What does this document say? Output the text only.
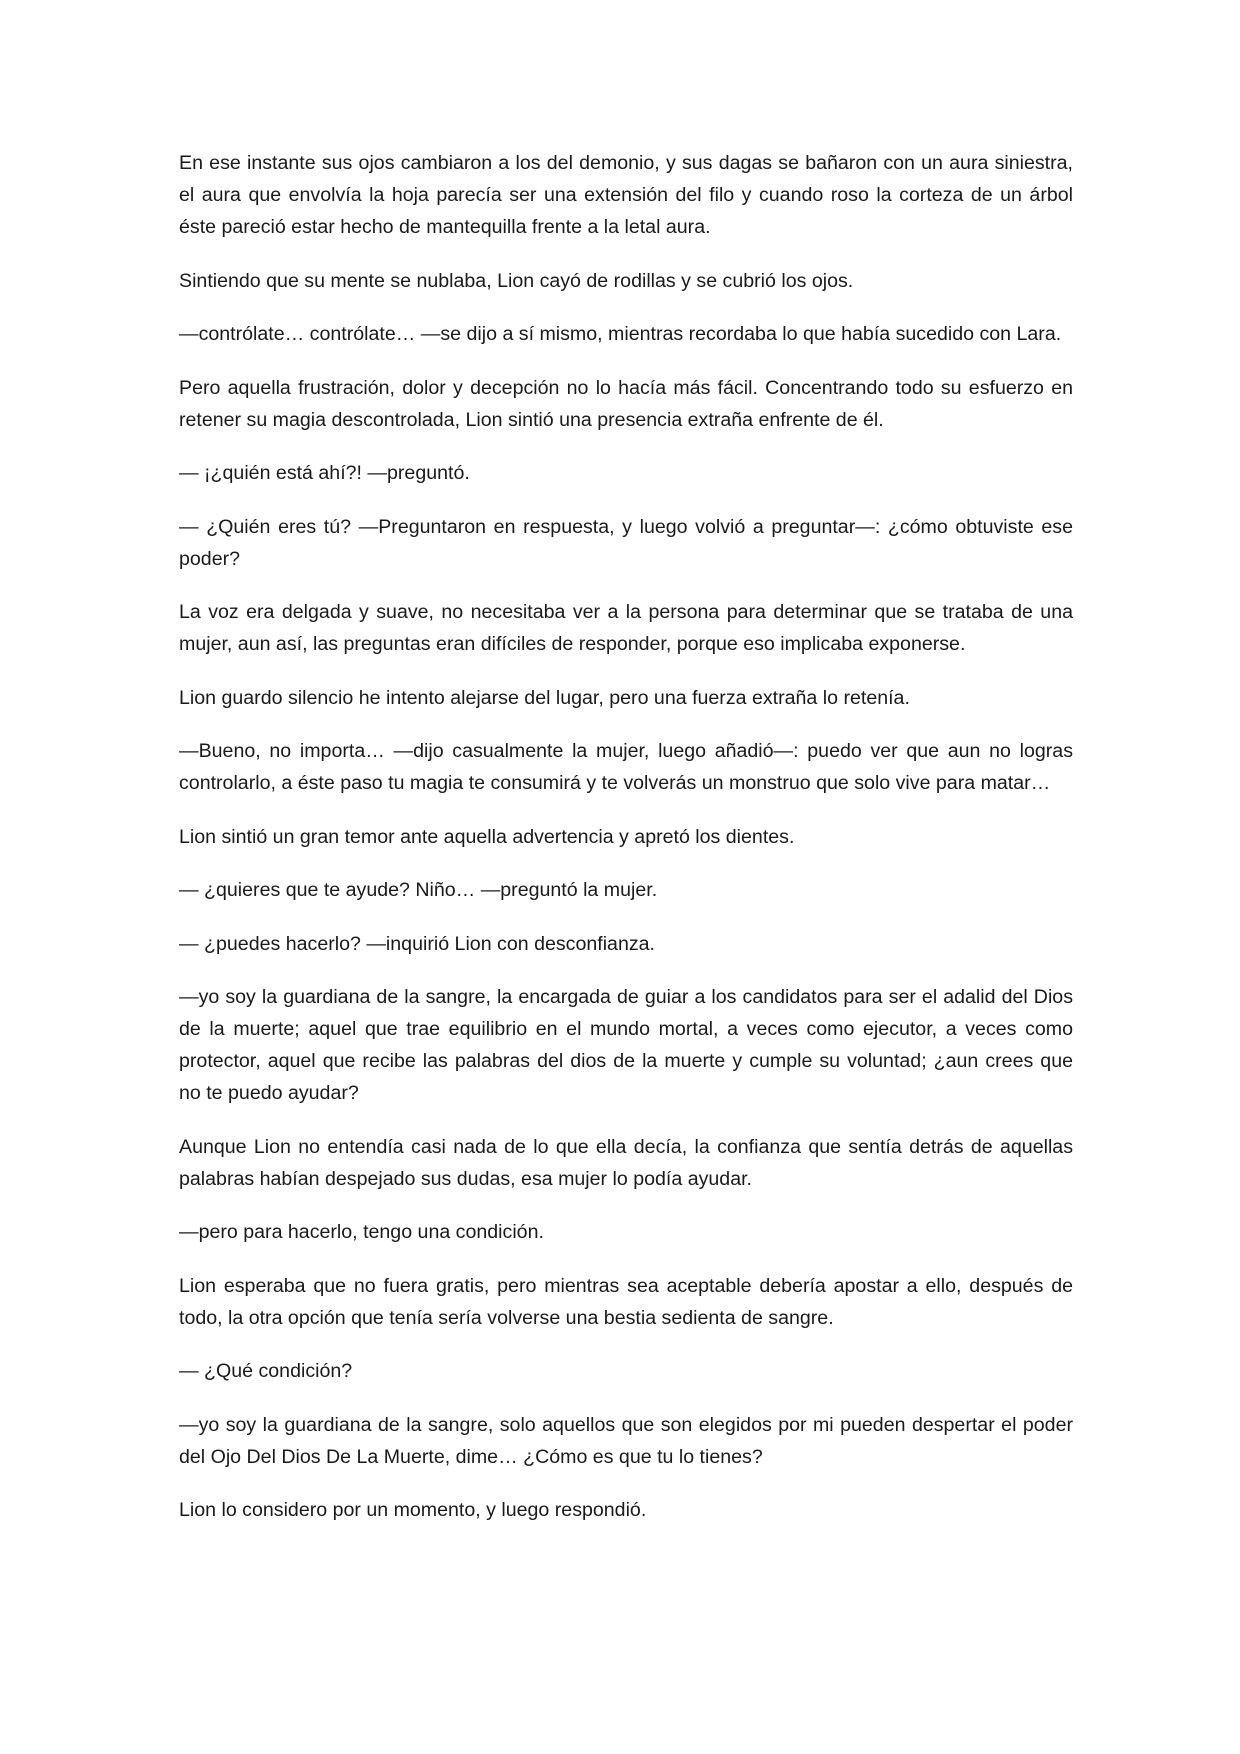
En ese instante sus ojos cambiaron a los del demonio, y sus dagas se bañaron con un aura siniestra, el aura que envolvía la hoja parecía ser una extensión del filo y cuando roso la corteza de un árbol éste pareció estar hecho de mantequilla frente a la letal aura.

Sintiendo que su mente se nublaba, Lion cayó de rodillas y se cubrió los ojos.

—contrólate… contrólate… —se dijo a sí mismo, mientras recordaba lo que había sucedido con Lara.

Pero aquella frustración, dolor y decepción no lo hacía más fácil. Concentrando todo su esfuerzo en retener su magia descontrolada, Lion sintió una presencia extraña enfrente de él.

— ¡¿quién está ahí?! —preguntó.

— ¿Quién eres tú? —Preguntaron en respuesta, y luego volvió a preguntar—: ¿cómo obtuviste ese poder?

La voz era delgada y suave, no necesitaba ver a la persona para determinar que se trataba de una mujer, aun así, las preguntas eran difíciles de responder, porque eso implicaba exponerse.

Lion guardo silencio he intento alejarse del lugar, pero una fuerza extraña lo retenía.

—Bueno, no importa… —dijo casualmente la mujer, luego añadió—: puedo ver que aun no logras controlarlo, a éste paso tu magia te consumirá y te volverás un monstruo que solo vive para matar…

Lion sintió un gran temor ante aquella advertencia y apretó los dientes.

— ¿quieres que te ayude? Niño… —preguntó la mujer.

— ¿puedes hacerlo? —inquirió Lion con desconfianza.

—yo soy la guardiana de la sangre, la encargada de guiar a los candidatos para ser el adalid del Dios de la muerte; aquel que trae equilibrio en el mundo mortal, a veces como ejecutor, a veces como protector, aquel que recibe las palabras del dios de la muerte y cumple su voluntad; ¿aun crees que no te puedo ayudar?

Aunque Lion no entendía casi nada de lo que ella decía, la confianza que sentía detrás de aquellas palabras habían despejado sus dudas, esa mujer lo podía ayudar.

—pero para hacerlo, tengo una condición.

Lion esperaba que no fuera gratis, pero mientras sea aceptable debería apostar a ello, después de todo, la otra opción que tenía sería volverse una bestia sedienta de sangre.

— ¿Qué condición?

—yo soy la guardiana de la sangre, solo aquellos que son elegidos por mi pueden despertar el poder del Ojo Del Dios De La Muerte, dime… ¿Cómo es que tu lo tienes?

Lion lo considero por un momento, y luego respondió.
